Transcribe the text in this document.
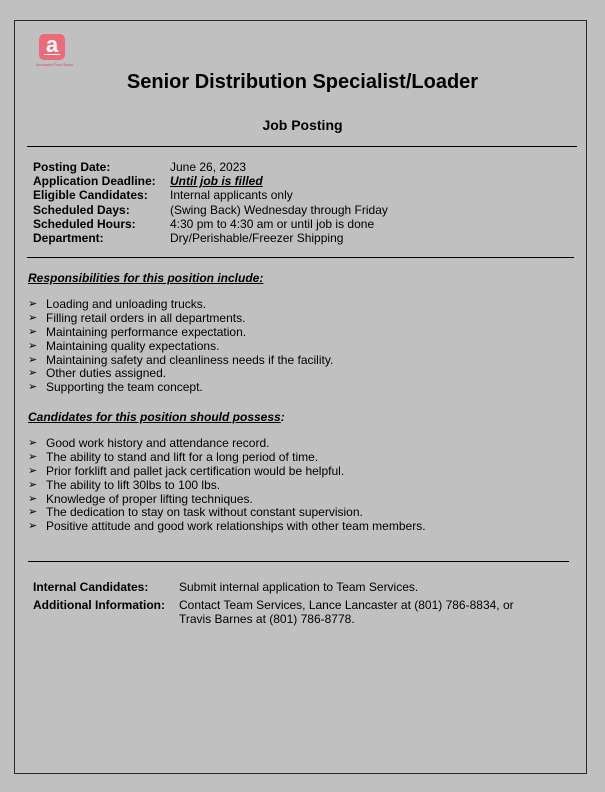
a
Associated Food Stores
Senior Distribution Specialist/Loader
Job Posting
Posting Date:	June 26, 2023
Application Deadline: Until job is filled
Eligible Candidates: Internal applicants only
Scheduled Days:	(Swing Back) Wednesday through Friday
Scheduled Hours:	4:30 pm to 4:30 am or until job is done
Department:	Dry/Perishable/Freezer Shipping
Responsibilities for this position include:
➢ Loading and unloading trucks.
➢ Filling retail orders in all departments.
➢ Maintaining performance expectation.
➢ Maintaining quality expectations.
➢ Maintaining safety and cleanliness needs if the facility.
➢ Other duties assigned.
➢ Supporting the team concept.
Candidates for this position should possess:
➢ Good work history and attendance record.
➢ The ability to stand and lift for a long period of time.
➢ Prior forklift and pallet jack certification would be helpful.
➢ The ability to lift 30lbs to 100 lbs.
➢ Knowledge of proper lifting techniques.
➢ The dedication to stay on task without constant supervision.
➢ Positive attitude and good work relationships with other team members.
Internal Candidates:	Submit internal application to Team Services.
Additional Information: Contact Team Services, Lance Lancaster at (801) 786-8834, or
Travis Barnes at (801) 786-8778.
